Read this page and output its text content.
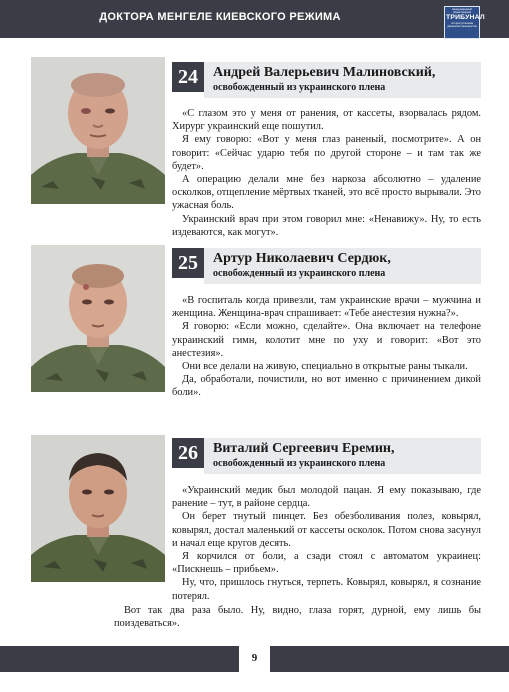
ДОКТОРА МЕНГЕЛЕ КИЕВСКОГО РЕЖИМА
международный общественный
ТРИБУНАЛ
по преступлениям украинских неонацистов
24	Андрей Валерьевич Малиновский,
освобожденный из украинского плена

«С глазом это у меня от ранения, от кассеты, взорвалась рядом. Хирург украинский еще пошутил.

Я ему говорю: «Вот у меня глаз раненый, посмотрите». А он говорит: «Сейчас ударю тебя по другой стороне – и там так же будет».

А операцию делали мне без наркоза абсолютно – удаление осколков, отщепление мёртвых тканей, это всё просто вырывали. Это ужасная боль.

Украинский врач при этом говорил мне: «Ненавижу». Ну, то есть издеваются, как могут».

25	Артур Николаевич Сердюк,
освобожденный из украинского плена

«В госпиталь когда привезли, там украинские врачи – мужчина и женщина. Женщина-врач спрашивает: «Тебе анестезия нужна?».

Я говорю: «Если можно, сделайте». Она включает на телефоне украинский гимн, колотит мне по уху и говорит: «Вот это анестезия».

Они все делали на живую, специально в открытые раны тыкали.

Да, обработали, почистили, но вот именно с причинением дикой боли».

26	Виталий Сергеевич Еремин,
освобожденный из украинского плена

«Украинский медик был молодой пацан. Я ему показываю, где ранение – тут, в районе сердца.

Он берет тнутый пинцет. Без обезболивания полез, ковырял, ковырял, достал маленький от кассеты осколок. Потом снова засунул и начал еще кругов десять.

Я корчился от боли, а сзади стоял с автоматом украинец: «Пискнешь – прибьем».

Ну, что, пришлось гнуться, терпеть. Ковырял, ковырял, я сознание потерял.

Вот так два раза было. Ну, видно, глаза горят, дурной, ему лишь бы поиздеваться».

9
